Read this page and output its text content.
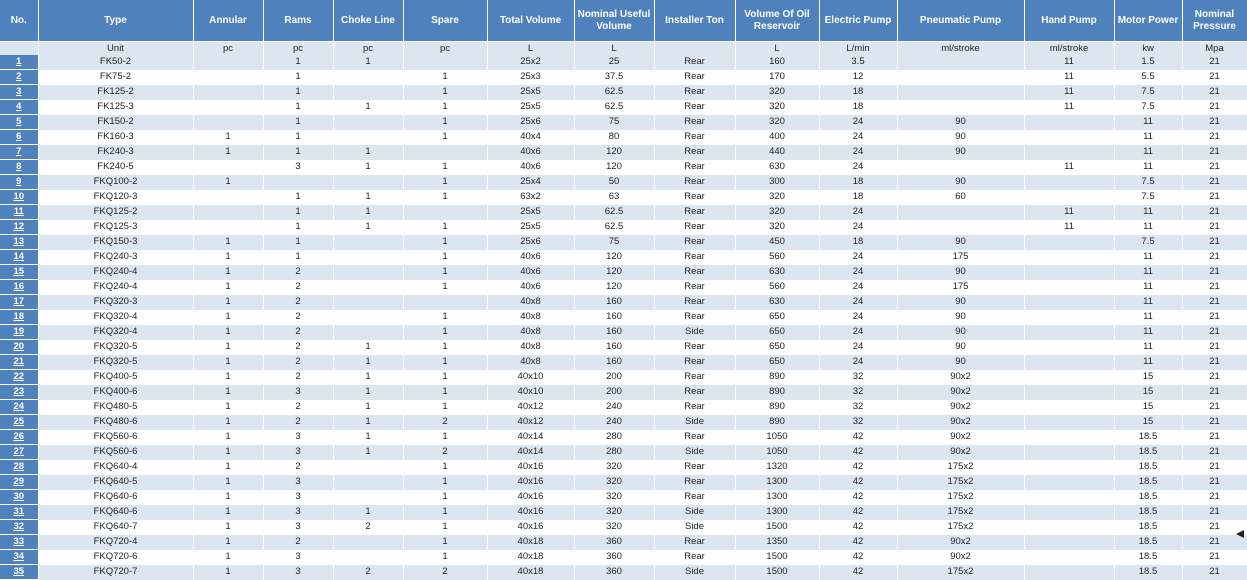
No.	Type	Annular	Rams	Choke Line	Spare	Total Volume	Nominal Useful Volume	Installer Ton	Volume Of Oil Reservoir	Electric Pump	Pneumatic Pump	Hand Pump	Motor Power	Nominal Pressure

	Unit	pc	pc	pc	pc	L	L		L	L/min	ml/stroke	ml/stroke	kw	Mpa
1	FK50-2		1	1		25x2	25	Rear	160	3.5		11	1.5	21
2	FK75-2		1		1	25x3	37.5	Rear	170	12		11	5.5	21
3	FK125-2		1		1	25x5	62.5	Rear	320	18		11	7.5	21
4	FK125-3		1	1	1	25x5	62.5	Rear	320	18		11	7.5	21
5	FK150-2		1		1	25x6	75	Rear	320	24	90		11	21
6	FK160-3	1	1		1	40x4	80	Rear	400	24	90		11	21
7	FK240-3	1	1	1		40x6	120	Rear	440	24	90		11	21
8	FK240-5		3	1	1	40x6	120	Rear	630	24		11	11	21
9	FKQ100-2	1			1	25x4	50	Rear	300	18	90		7.5	21
10	FKQ120-3		1	1	1	63x2	63	Rear	320	18	60		7.5	21
11	FKQ125-2		1	1		25x5	62.5	Rear	320	24		11	11	21
12	FKQ125-3		1	1	1	25x5	62.5	Rear	320	24		11	11	21
13	FKQ150-3	1	1		1	25x6	75	Rear	450	18	90		7.5	21
14	FKQ240-3	1	1		1	40x6	120	Rear	560	24	175		11	21
15	FKQ240-4	1	2		1	40x6	120	Rear	630	24	90		11	21
16	FKQ240-4	1	2		1	40x6	120	Rear	560	24	175		11	21
17	FKQ320-3	1	2			40x8	160	Rear	630	24	90		11	21
18	FKQ320-4	1	2		1	40x8	160	Rear	650	24	90		11	21
19	FKQ320-4	1	2		1	40x8	160	Side	650	24	90		11	21
20	FKQ320-5	1	2	1	1	40x8	160	Rear	650	24	90		11	21
21	FKQ320-5	1	2	1	1	40x8	160	Rear	650	24	90		11	21
22	FKQ400-5	1	2	1	1	40x10	200	Rear	890	32	90x2		15	21
23	FKQ400-6	1	3	1	1	40x10	200	Rear	890	32	90x2		15	21
24	FKQ480-5	1	2	1	1	40x12	240	Rear	890	32	90x2		15	21
25	FKQ480-6	1	2	1	2	40x12	240	Side	890	32	90x2		15	21
26	FKQ560-6	1	3	1	1	40x14	280	Rear	1050	42	90x2		18.5	21
27	FKQ560-6	1	3	1	2	40x14	280	Side	1050	42	90x2		18.5	21
28	FKQ640-4	1	2		1	40x16	320	Rear	1320	42	175x2		18.5	21
29	FKQ640-5	1	3		1	40x16	320	Rear	1300	42	175x2		18.5	21
30	FKQ640-6	1	3		1	40x16	320	Rear	1300	42	175x2		18.5	21
31	FKQ640-6	1	3	1	1	40x16	320	Side	1300	42	175x2		18.5	21
32	FKQ640-7	1	3	2	1	40x16	320	Side	1500	42	175x2		18.5	21
33	FKQ720-4	1	2		1	40x18	360	Rear	1350	42	90x2		18.5	21
34	FKQ720-6	1	3		1	40x18	360	Rear	1500	42	90x2		18.5	21
35	FKQ720-7	1	3	2	2	40x18	360	Side	1500	42	175x2		18.5	21
